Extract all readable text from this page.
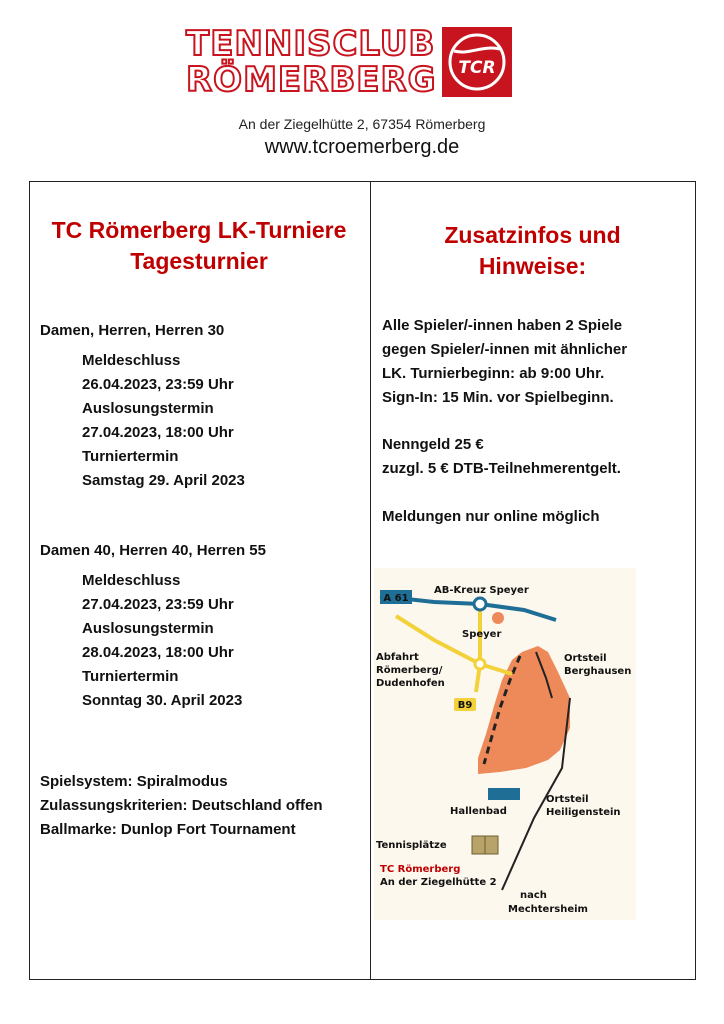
TENNISCLUB
RÖMERBERG TCR
An der Ziegelhütte 2, 67354 Römerberg
www.tcroemerberg.de
TC Römerberg LK-Turniere
Tagesturnier
Damen, Herren, Herren 30
Meldeschluss
26.04.2023, 23:59 Uhr
Auslosungstermin
27.04.2023, 18:00 Uhr
Turniertermin
Samstag 29. April 2023
Damen 40, Herren 40, Herren 55
Meldeschluss
27.04.2023, 23:59 Uhr
Auslosungstermin
28.04.2023, 18:00 Uhr
Turniertermin
Sonntag 30. April 2023
Spielsystem: Spiralmodus
Zulassungskriterien: Deutschland offen
Ballmarke: Dunlop Fort Tournament
Zusatzinfos und
Hinweise:
Alle Spieler/-innen haben 2 Spiele
gegen Spieler/-innen mit ähnlicher
LK. Turnierbeginn: ab 9:00 Uhr.
Sign-In: 15 Min. vor Spielbeginn.
Nenngeld 25 €
zuzgl. 5 € DTB-Teilnehmerentgelt.
Meldungen nur online möglich
A 61
AB-Kreuz Speyer
Speyer
Abfahrt Römerberg/ Dudenhofen
B9
Ortsteil Berghausen
Hallenbad
Ortsteil Heiligenstein
Tennisplätze
TC Römerberg
An der Ziegelhütte 2
nach Mechtersheim
